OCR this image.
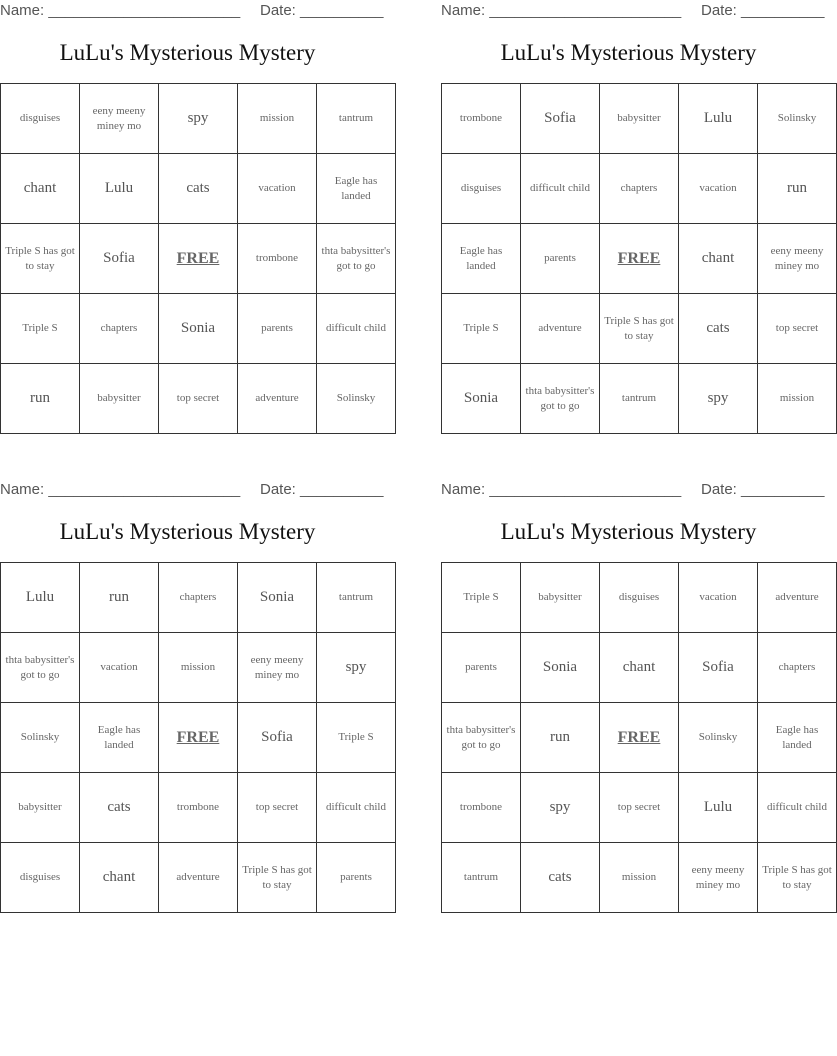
Name: _______________________ Date: __________
LuLu's Mysterious Mystery
disguises	eeny meeny miney mo	spy	mission	tantrum
chant	Lulu	cats	vacation	Eagle has landed
Triple S has got to stay	Sofia	FREE	trombone	thta babysitter's got to go
Triple S	chapters	Sonia	parents	difficult child
run	babysitter	top secret	adventure	Solinsky
Name: _______________________ Date: __________
LuLu's Mysterious Mystery
trombone	Sofia	babysitter	Lulu	Solinsky
disguises	difficult child	chapters	vacation	run
Eagle has landed	parents	FREE	chant	eeny meeny miney mo
Triple S	adventure	Triple S has got to stay	cats	top secret
Sonia	thta babysitter's got to go	tantrum	spy	mission
Name: _______________________ Date: __________
LuLu's Mysterious Mystery
Lulu	run	chapters	Sonia	tantrum
thta babysitter's got to go	vacation	mission	eeny meeny miney mo	spy
Solinsky	Eagle has landed	FREE	Sofia	Triple S
babysitter	cats	trombone	top secret	difficult child
disguises	chant	adventure	Triple S has got to stay	parents
Name: _______________________ Date: __________
LuLu's Mysterious Mystery
Triple S	babysitter	disguises	vacation	adventure
parents	Sonia	chant	Sofia	chapters
thta babysitter's got to go	run	FREE	Solinsky	Eagle has landed
trombone	spy	top secret	Lulu	difficult child
tantrum	cats	mission	eeny meeny miney mo	Triple S has got to stay
